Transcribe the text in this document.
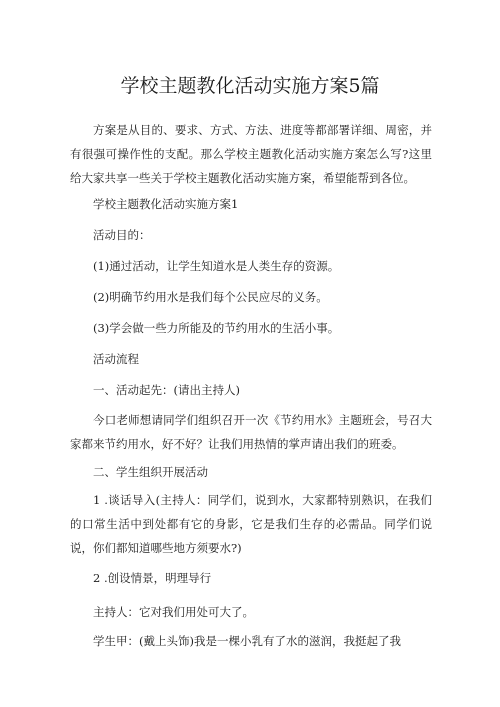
学校主题教化活动实施方案5篇
方案是从目的、要求、方式、方法、进度等都部署详细、周密，并有很强可操作性的支配。那么学校主题教化活动实施方案怎么写?这里给大家共享一些关于学校主题教化活动实施方案，希望能帮到各位。
学校主题教化活动实施方案1
活动目的：
(1)通过活动，让学生知道水是人类生存的资源。
(2)明确节约用水是我们每个公民应尽的义务。
(3)学会做一些力所能及的节约用水的生活小事。
活动流程
一、活动起先：(请出主持人)
今口老师想请同学们组织召开一次《节约用水》主题班会，号召大家都来节约用水，好不好？让我们用热情的掌声请出我们的班委。
二、学生组织开展活动
1 .谈话导入(主持人：同学们，说到水，大家都特别熟识，在我们的口常生活中到处都有它的身影，它是我们生存的必需品。同学们说说，你们都知道哪些地方须要水?)
2 .创设情景，明理导行
主持人：它对我们用处可大了。
学生甲：(戴上头饰)我是一棵小乳有了水的滋润，我挺起了我
